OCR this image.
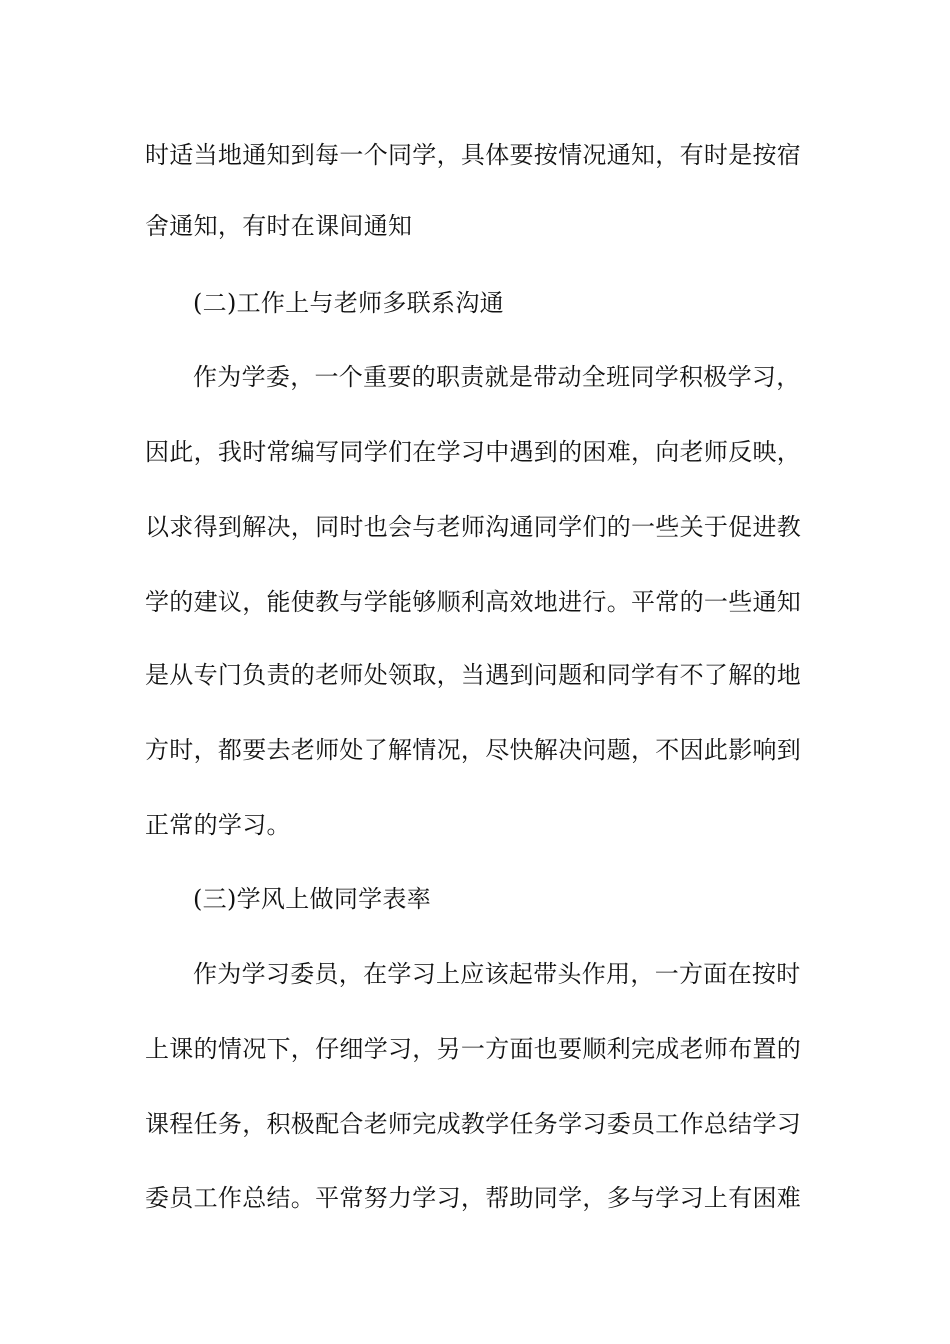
时适当地通知到每一个同学，具体要按情况通知，有时是按宿
舍通知，有时在课间通知
(二)工作上与老师多联系沟通
作为学委，一个重要的职责就是带动全班同学积极学习，
因此，我时常编写同学们在学习中遇到的困难，向老师反映，
以求得到解决，同时也会与老师沟通同学们的一些关于促进教
学的建议，能使教与学能够顺利高效地进行。平常的一些通知
是从专门负责的老师处领取，当遇到问题和同学有不了解的地
方时，都要去老师处了解情况，尽快解决问题，不因此影响到
正常的学习。
(三)学风上做同学表率
作为学习委员，在学习上应该起带头作用，一方面在按时
上课的情况下，仔细学习，另一方面也要顺利完成老师布置的
课程任务，积极配合老师完成教学任务学习委员工作总结学习
委员工作总结。平常努力学习，帮助同学，多与学习上有困难
